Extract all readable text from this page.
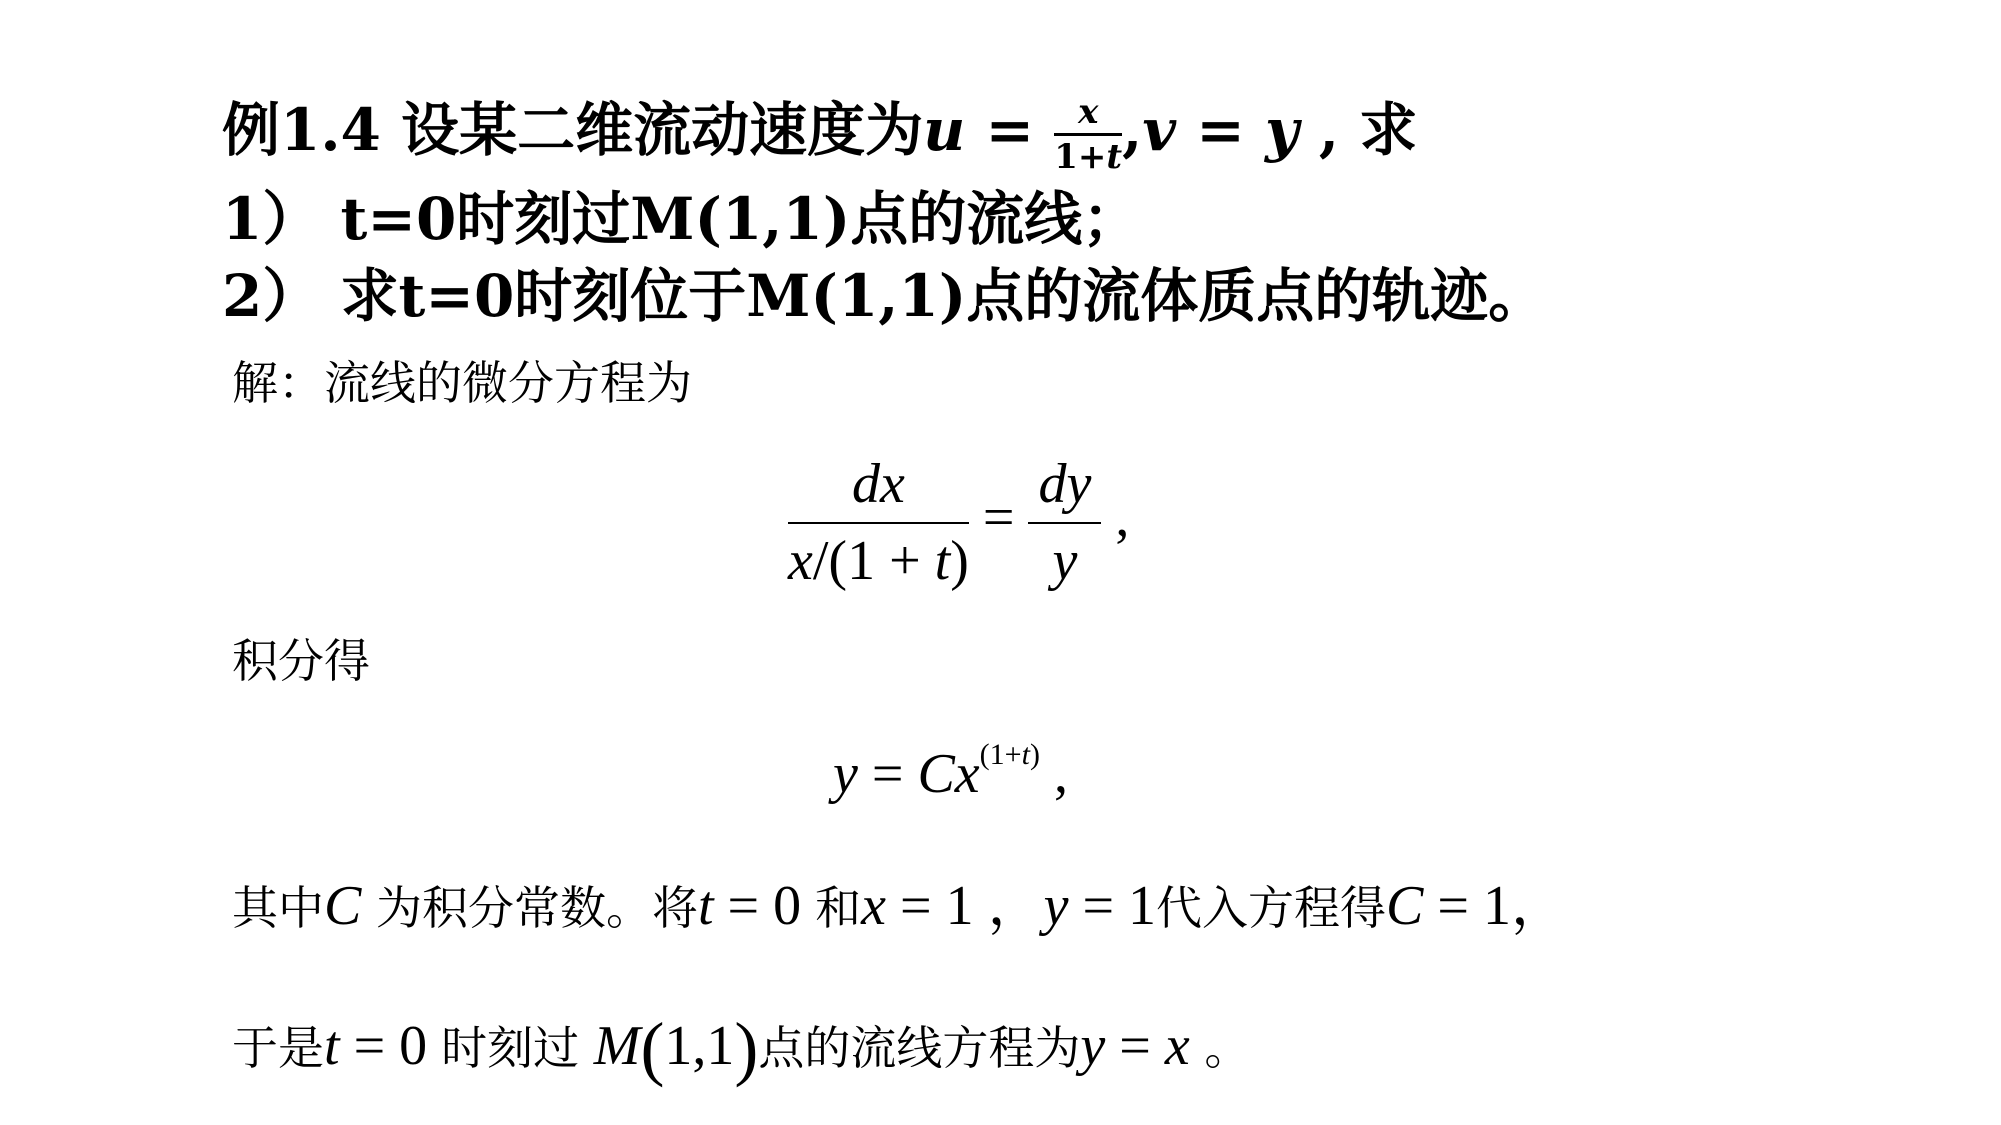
例1.4 设某二维流动速度为$u = \frac{x}{1+t} ,v = y$ , 求
1） t=0时刻过M(1,1)点的流线；
2） 求t=0时刻位于M(1,1)点的流体质点的轨迹。
解：流线的微分方程为
$\frac{dx}{x/(1 + t)} = \frac{dy}{y}$ ,
积分得
$y = Cx^{(1+t)}$ ,
其中C 为积分常数。将t = 0 和x = 1 ，y = 1代入方程得C = 1，
于是t = 0 时刻过 M(1,1)点的流线方程为y = x 。
